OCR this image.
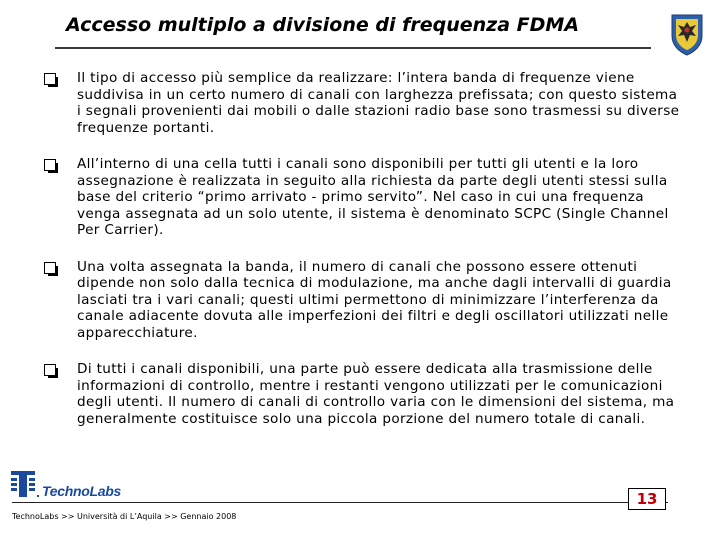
Accesso multiplo a divisione di frequenza FDMA
Il tipo di accesso più semplice da realizzare: l’intera banda di frequenze viene suddivisa in un certo numero di canali con larghezza prefissata; con questo sistema i segnali provenienti dai mobili o dalle stazioni radio base sono trasmessi su diverse frequenze portanti.
All’interno di una cella tutti i canali sono disponibili per tutti gli utenti e la loro assegnazione è realizzata in seguito alla richiesta da parte degli utenti stessi sulla base del criterio “primo arrivato - primo servito”. Nel caso in cui una frequenza venga assegnata ad un solo utente, il sistema è denominato SCPC (Single Channel Per Carrier).
Una volta assegnata la banda, il numero di canali che possono essere ottenuti dipende non solo dalla tecnica di modulazione, ma anche dagli intervalli di guardia lasciati tra i vari canali; questi ultimi permettono di minimizzare l’interferenza da canale adiacente dovuta alle imperfezioni dei filtri e degli oscillatori utilizzati nelle apparecchiature.
Di tutti i canali disponibili, una parte può essere dedicata alla trasmissione delle informazioni di controllo, mentre i restanti vengono utilizzati per le comunicazioni degli utenti. Il numero di canali di controllo varia con le dimensioni del sistema, ma generalmente costituisce solo una piccola porzione del numero totale di canali.
TechnoLabs
TechnoLabs >> Università di L’Aquila >> Gennaio 2008
13
